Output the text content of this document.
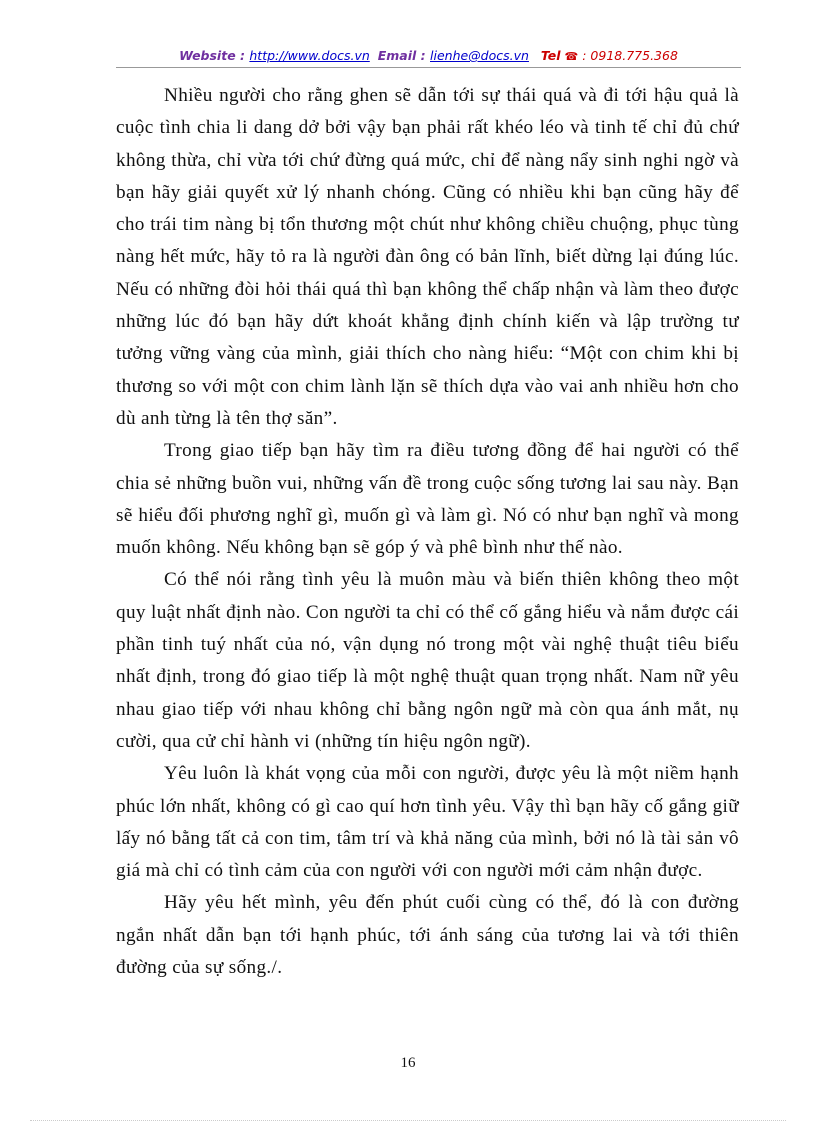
Website : http://www.docs.vn Email : lienhe@docs.vn Tel ☎ : 0918.775.368

Nhiều người cho rằng ghen sẽ dẫn tới sự thái quá và đi tới hậu quả là cuộc tình chia li dang dở bởi vậy bạn phải rất khéo léo và tinh tế chỉ đủ chứ không thừa, chỉ vừa tới chứ đừng quá mức, chỉ để nàng nẩy sinh nghi ngờ và bạn hãy giải quyết xử lý nhanh chóng. Cũng có nhiều khi bạn cũng hãy để cho trái tim nàng bị tổn thương một chút như không chiều chuộng, phục tùng nàng hết mức, hãy tỏ ra là người đàn ông có bản lĩnh, biết dừng lại đúng lúc. Nếu có những đòi hỏi thái quá thì bạn không thể chấp nhận và làm theo được những lúc đó bạn hãy dứt khoát khẳng định chính kiến và lập trường tư tưởng vững vàng của mình, giải thích cho nàng hiểu: “Một con chim khi bị thương so với một con chim lành lặn sẽ thích dựa vào vai anh nhiều hơn cho dù anh từng là tên thợ săn”.

Trong giao tiếp bạn hãy tìm ra điều tương đồng để hai người có thể chia sẻ những buồn vui, những vấn đề trong cuộc sống tương lai sau này. Bạn sẽ hiểu đối phương nghĩ gì, muốn gì và làm gì. Nó có như bạn nghĩ và mong muốn không. Nếu không bạn sẽ góp ý và phê bình như thế nào.

Có thể nói rằng tình yêu là muôn màu và biến thiên không theo một quy luật nhất định nào. Con người ta chỉ có thể cố gắng hiểu và nắm được cái phần tinh tuý nhất của nó, vận dụng nó trong một vài nghệ thuật tiêu biểu nhất định, trong đó giao tiếp là một nghệ thuật quan trọng nhất. Nam nữ yêu nhau giao tiếp với nhau không chỉ bằng ngôn ngữ mà còn qua ánh mắt, nụ cười, qua cử chỉ hành vi (những tín hiệu ngôn ngữ).

Yêu luôn là khát vọng của mỗi con người, được yêu là một niềm hạnh phúc lớn nhất, không có gì cao quí hơn tình yêu. Vậy thì bạn hãy cố gắng giữ lấy nó bằng tất cả con tim, tâm trí và khả năng của mình, bởi nó là tài sản vô giá mà chỉ có tình cảm của con người với con người mới cảm nhận được.

Hãy yêu hết mình, yêu đến phút cuối cùng có thể, đó là con đường ngắn nhất dẫn bạn tới hạnh phúc, tới ánh sáng của tương lai và tới thiên đường của sự sống./.

16
